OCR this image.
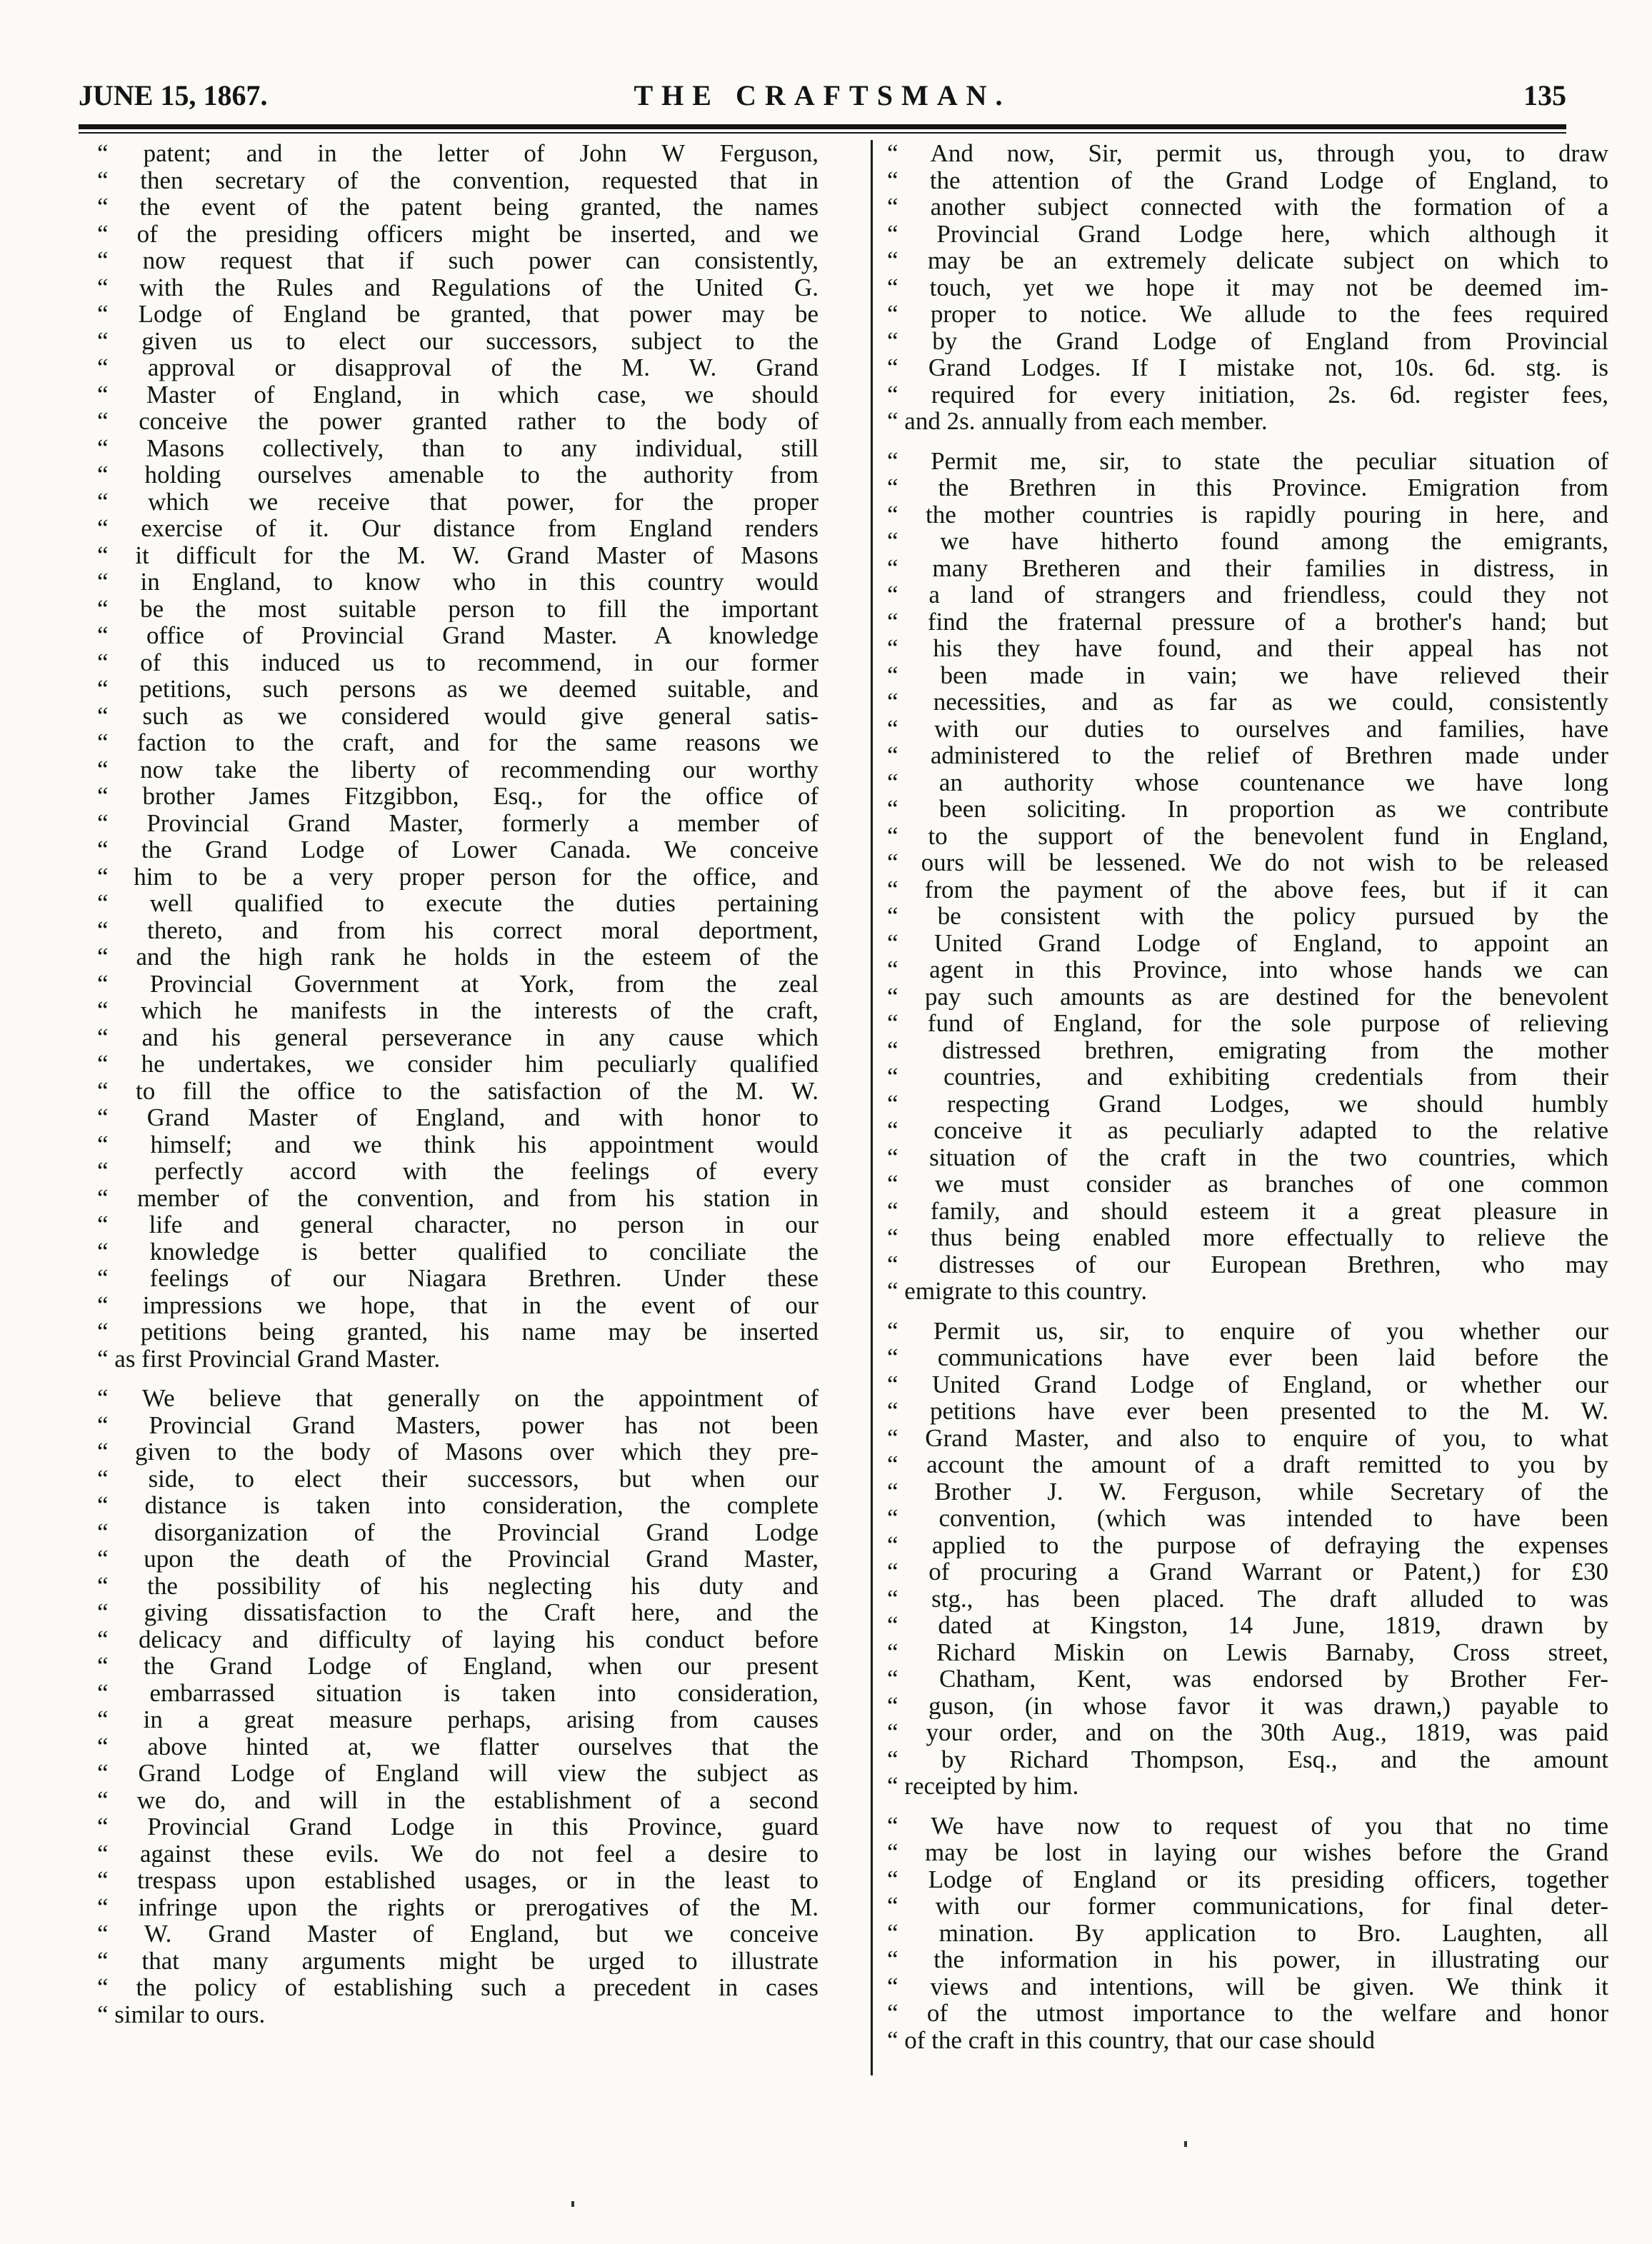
JUNE 15, 1867.	THE CRAFTSMAN.	135
“ patent; and in the letter of John W Ferguson,
“ then secretary of the convention, requested that in
“ the event of the patent being granted, the names
“ of the presiding officers might be inserted, and we
“ now request that if such power can consistently,
“ with the Rules and Regulations of the United G.
“ Lodge of England be granted, that power may be
“ given us to elect our successors, subject to the
“ approval or disapproval of the M. W. Grand
“ Master of England, in which case, we should
“ conceive the power granted rather to the body of
“ Masons collectively, than to any individual, still
“ holding ourselves amenable to the authority from
“ which we receive that power, for the proper
“ exercise of it. Our distance from England renders
“ it difficult for the M. W. Grand Master of Masons
“ in England, to know who in this country would
“ be the most suitable person to fill the important
“ office of Provincial Grand Master. A knowledge
“ of this induced us to recommend, in our former
“ petitions, such persons as we deemed suitable, and
“ such as we considered would give general satis-
“ faction to the craft, and for the same reasons we
“ now take the liberty of recommending our worthy
“ brother James Fitzgibbon, Esq., for the office of
“ Provincial Grand Master, formerly a member of
“ the Grand Lodge of Lower Canada. We conceive
“ him to be a very proper person for the office, and
“ well qualified to execute the duties pertaining
“ thereto, and from his correct moral deportment,
“ and the high rank he holds in the esteem of the
“ Provincial Government at York, from the zeal
“ which he manifests in the interests of the craft,
“ and his general perseverance in any cause which
“ he undertakes, we consider him peculiarly qualified
“ to fill the office to the satisfaction of the M. W.
“ Grand Master of England, and with honor to
“ himself; and we think his appointment would
“ perfectly accord with the feelings of every
“ member of the convention, and from his station in
“ life and general character, no person in our
“ knowledge is better qualified to conciliate the
“ feelings of our Niagara Brethren. Under these
“ impressions we hope, that in the event of our
“ petitions being granted, his name may be inserted
“ as first Provincial Grand Master.
“ We believe that generally on the appointment of
“ Provincial Grand Masters, power has not been
“ given to the body of Masons over which they pre-
“ side, to elect their successors, but when our
“ distance is taken into consideration, the complete
“ disorganization of the Provincial Grand Lodge
“ upon the death of the Provincial Grand Master,
“ the possibility of his neglecting his duty and
“ giving dissatisfaction to the Craft here, and the
“ delicacy and difficulty of laying his conduct before
“ the Grand Lodge of England, when our present
“ embarrassed situation is taken into consideration,
“ in a great measure perhaps, arising from causes
“ above hinted at, we flatter ourselves that the
“ Grand Lodge of England will view the subject as
“ we do, and will in the establishment of a second
“ Provincial Grand Lodge in this Province, guard
“ against these evils. We do not feel a desire to
“ trespass upon established usages, or in the least to
“ infringe upon the rights or prerogatives of the M.
“ W. Grand Master of England, but we conceive
“ that many arguments might be urged to illustrate
“ the policy of establishing such a precedent in cases
“ similar to ours.
“ And now, Sir, permit us, through you, to draw
“ the attention of the Grand Lodge of England, to
“ another subject connected with the formation of a
“ Provincial Grand Lodge here, which although it
“ may be an extremely delicate subject on which to
“ touch, yet we hope it may not be deemed im-
“ proper to notice. We allude to the fees required
“ by the Grand Lodge of England from Provincial
“ Grand Lodges. If I mistake not, 10s. 6d. stg. is
“ required for every initiation, 2s. 6d. register fees,
“ and 2s. annually from each member.
“ Permit me, sir, to state the peculiar situation of
“ the Brethren in this Province. Emigration from
“ the mother countries is rapidly pouring in here, and
“ we have hitherto found among the emigrants,
“ many Bretheren and their families in distress, in
“ a land of strangers and friendless, could they not
“ find the fraternal pressure of a brother's hand; but
“ his they have found, and their appeal has not
“ been made in vain; we have relieved their
“ necessities, and as far as we could, consistently
“ with our duties to ourselves and families, have
“ administered to the relief of Brethren made under
“ an authority whose countenance we have long
“ been soliciting. In proportion as we contribute
“ to the support of the benevolent fund in England,
“ ours will be lessened. We do not wish to be released
“ from the payment of the above fees, but if it can
“ be consistent with the policy pursued by the
“ United Grand Lodge of England, to appoint an
“ agent in this Province, into whose hands we can
“ pay such amounts as are destined for the benevolent
“ fund of England, for the sole purpose of relieving
“ distressed brethren, emigrating from the mother
“ countries, and exhibiting credentials from their
“ respecting Grand Lodges, we should humbly
“ conceive it as peculiarly adapted to the relative
“ situation of the craft in the two countries, which
“ we must consider as branches of one common
“ family, and should esteem it a great pleasure in
“ thus being enabled more effectually to relieve the
“ distresses of our European Brethren, who may
“ emigrate to this country.
“ Permit us, sir, to enquire of you whether our
“ communications have ever been laid before the
“ United Grand Lodge of England, or whether our
“ petitions have ever been presented to the M. W.
“ Grand Master, and also to enquire of you, to what
“ account the amount of a draft remitted to you by
“ Brother J. W. Ferguson, while Secretary of the
“ convention, (which was intended to have been
“ applied to the purpose of defraying the expenses
“ of procuring a Grand Warrant or Patent,) for £30
“ stg., has been placed. The draft alluded to was
“ dated at Kingston, 14 June, 1819, drawn by
“ Richard Miskin on Lewis Barnaby, Cross street,
“ Chatham, Kent, was endorsed by Brother Fer-
“ guson, (in whose favor it was drawn,) payable to
“ your order, and on the 30th Aug., 1819, was paid
“ by Richard Thompson, Esq., and the amount
“ receipted by him.
“ We have now to request of you that no time
“ may be lost in laying our wishes before the Grand
“ Lodge of England or its presiding officers, together
“ with our former communications, for final deter-
“ mination. By application to Bro. Laughten, all
“ the information in his power, in illustrating our
“ views and intentions, will be given. We think it
“ of the utmost importance to the welfare and honor
“ of the craft in this country, that our case should
